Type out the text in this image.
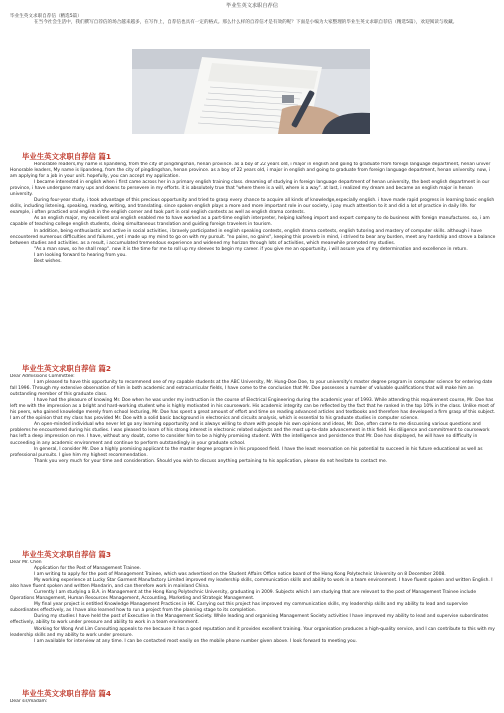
毕业生英文求职自荐信

毕业生英文求职自荐信（精选5篇）

在当今社会生活中，我们撰写自荐信的场合越来越多，在写作上，自荐信也具有一定的格式。那么什么样的自荐信才是有效的呢？下面是小编为大家整理的毕业生英文求职自荐信（精选5篇），欢迎阅读与收藏。

毕业生英文求职自荐信 篇1

Honorable readers,my name is lipandeng, from the city of pingdingshan, henan province. as a boy of 22 years old, i major in english and going to graduate from foreign language department, henan univer Honorable leaders, My name is lipandeng, from the city of pingdingshan, henan province. as a boy of 22 years old, i major in english and going to graduate from foreign language department, henan university. now, i am applying for a job in your unit. hopefully, you can accept my application.

I became interested in english when i first came across her in a primary english training class. dreaming of studying in foreign language department of henan university, the best english department in our province, i have undergone many ups and downs to persevere in my efforts. it is absolutely true that "where there is a will, where is a way". at last, i realized my dream and became an english major in henan university.

During four-year study, i took advantage of this precious opportunity and tried to grasp every chance to acquire all kinds of knowledge,especially english. i have made rapid progress in learning basic english skills, including listening, speaking, reading, writing, and translating. since spoken english plays a more and more important role in our society, i pay much attention to it and did a lot of practice in daily life. for example, i often practiced oral english in the english corner and took part in oral english contests as well as english drama contests.

As an english major, my excellent oral english enabled me to have worked as a part-time english interpreter, helping kaifeng import and export company to do business with foreign manufactures. so, i am capable of teaching college english students, doing simultaneous translation and guiding foreign travelers in tourism.

In addition, being enthusiastic and active in social activities, i bravely participated in english speaking contests, english drama contests, english tutoring and mastery of computer skills. although i have encountered numerous difficulties and failures, yet i made up my mind to go on with my pursuit. "no pains, no gains", keeping this proverb in mind, i strived to bear any burden, meet any hardship and strove a balance between studies and activities. as a result, i accumulated tremendous experience and widened my horizon through lots of activities, which meanwhile promoted my studies.

"As a man sows, so he shall reap". now it is the time for me to roll up my sleeves to begin my career. if you give me an opportunity, i will assure you of my determination and excellence in return.

I am looking forward to hearing from you.

Best wishes.

毕业生英文求职自荐信 篇2

Dear Admissions Committee:

I am pleased to have this opportunity to recommend one of my capable students at the ABC University, Mr. Hung-Doe Doe, to your university's master degree program in computer science for entering date fall 1996. Through my extensive observation of him in both academic and extracurricular fields, I have come to the conclusion that Mr. Doe possesses a number of valuable qualifications that will make him an outstanding member of this graduate class.

I have had the pleasure of knowing Mr. Doe when he was under my instruction in the course of Electrical Engineering during the academic year of 1993. While attending this requirement course, Mr. Doe has left me with the impression as a bright and hard-working student who is highly motivated in his coursework. His academic integrity can be reflected by the fact that he ranked in the top 10% in the class. Unlike most of his peers, who gained knowledge merely from school lecturing, Mr. Doe has spent a great amount of effort and time on reading advanced articles and textbooks and therefore has developed a firm grasp of this subject. I am of the opinion that my class has provided Mr. Doe with a solid basic background in electronics and circuits analysis, which is essential to his graduate studies in computer science.

An open-minded individual who never let go any learning opportunity and is always willing to share with people his own opinions and ideas, Mr. Doe, often came to me discussing various questions and problems he encountered during his studies. I was pleased to learn of his strong interest in electronic related subjects and the most up-to-date advancement in this field. His diligence and commitment to coursework has left a deep impression on me. I have, without any doubt, come to consider him to be a highly promising student. With the intelligence and persistence that Mr. Doe has displayed, he will have no difficulty in succeeding in any academic environment and continue to perform outstandingly in your graduate school.

In general, I consider Mr. Doe a highly promising applicant to the master degree program in his proposed field. I have the least reservation on his potential to succeed in his future educational as well as professional pursuits. I give him my highest recommendation.

Thank you very much for your time and consideration. Should you wish to discuss anything pertaining to his application, please do not hesitate to contact me.

毕业生英文求职自荐信 篇3

Dear Mr. Chen

Application for the Post of Management Trainee.

I am writing to apply for the post of Management Trainee, which was advertised on the Student Affairs Office notice board of the Hong Kong Polytechnic University on 8 December 2008.

My working experience at Lucky Star Garment Manufactory Limited improved my leadership skills, communication skills and ability to work in a team environment. I have fluent spoken and written English. I also have fluent spoken and written Mandarin, and can therefore work in mainland China.

Currently I am studying a B.A. in Management at the Hong Kong Polytechnic University, graduating in 2009. Subjects which I am studying that are relevant to the post of Management Trainee include Operations Management, Human Resources Management, Accounting, Marketing and Strategic Management.

My final year project is entitled Knowledge Management Practices in HK. Carrying out this project has improved my communication skills, my leadership skills and my ability to lead and supervise subordinates effectively, as I have also learned how to run a project from the planning stage to its completion.

During my studies I have held the post of Executive in the Management Society. While leading and organising Management Society activities I have improved my ability to lead and supervise subordinates effectively, ability to work under pressure and ability to work in a team environment.

Working for Wong And Lim Consulting appeals to me because it has a good reputation and it provides excellent training. Your organisation produces a high-quality service, and I can contribute to this with my leadership skills and my ability to work under pressure.

I am available for interview at any time. I can be contacted most easily on the mobile phone number given above. I look forward to meeting you.

毕业生英文求职自荐信 篇4

Dear sir/madam:
